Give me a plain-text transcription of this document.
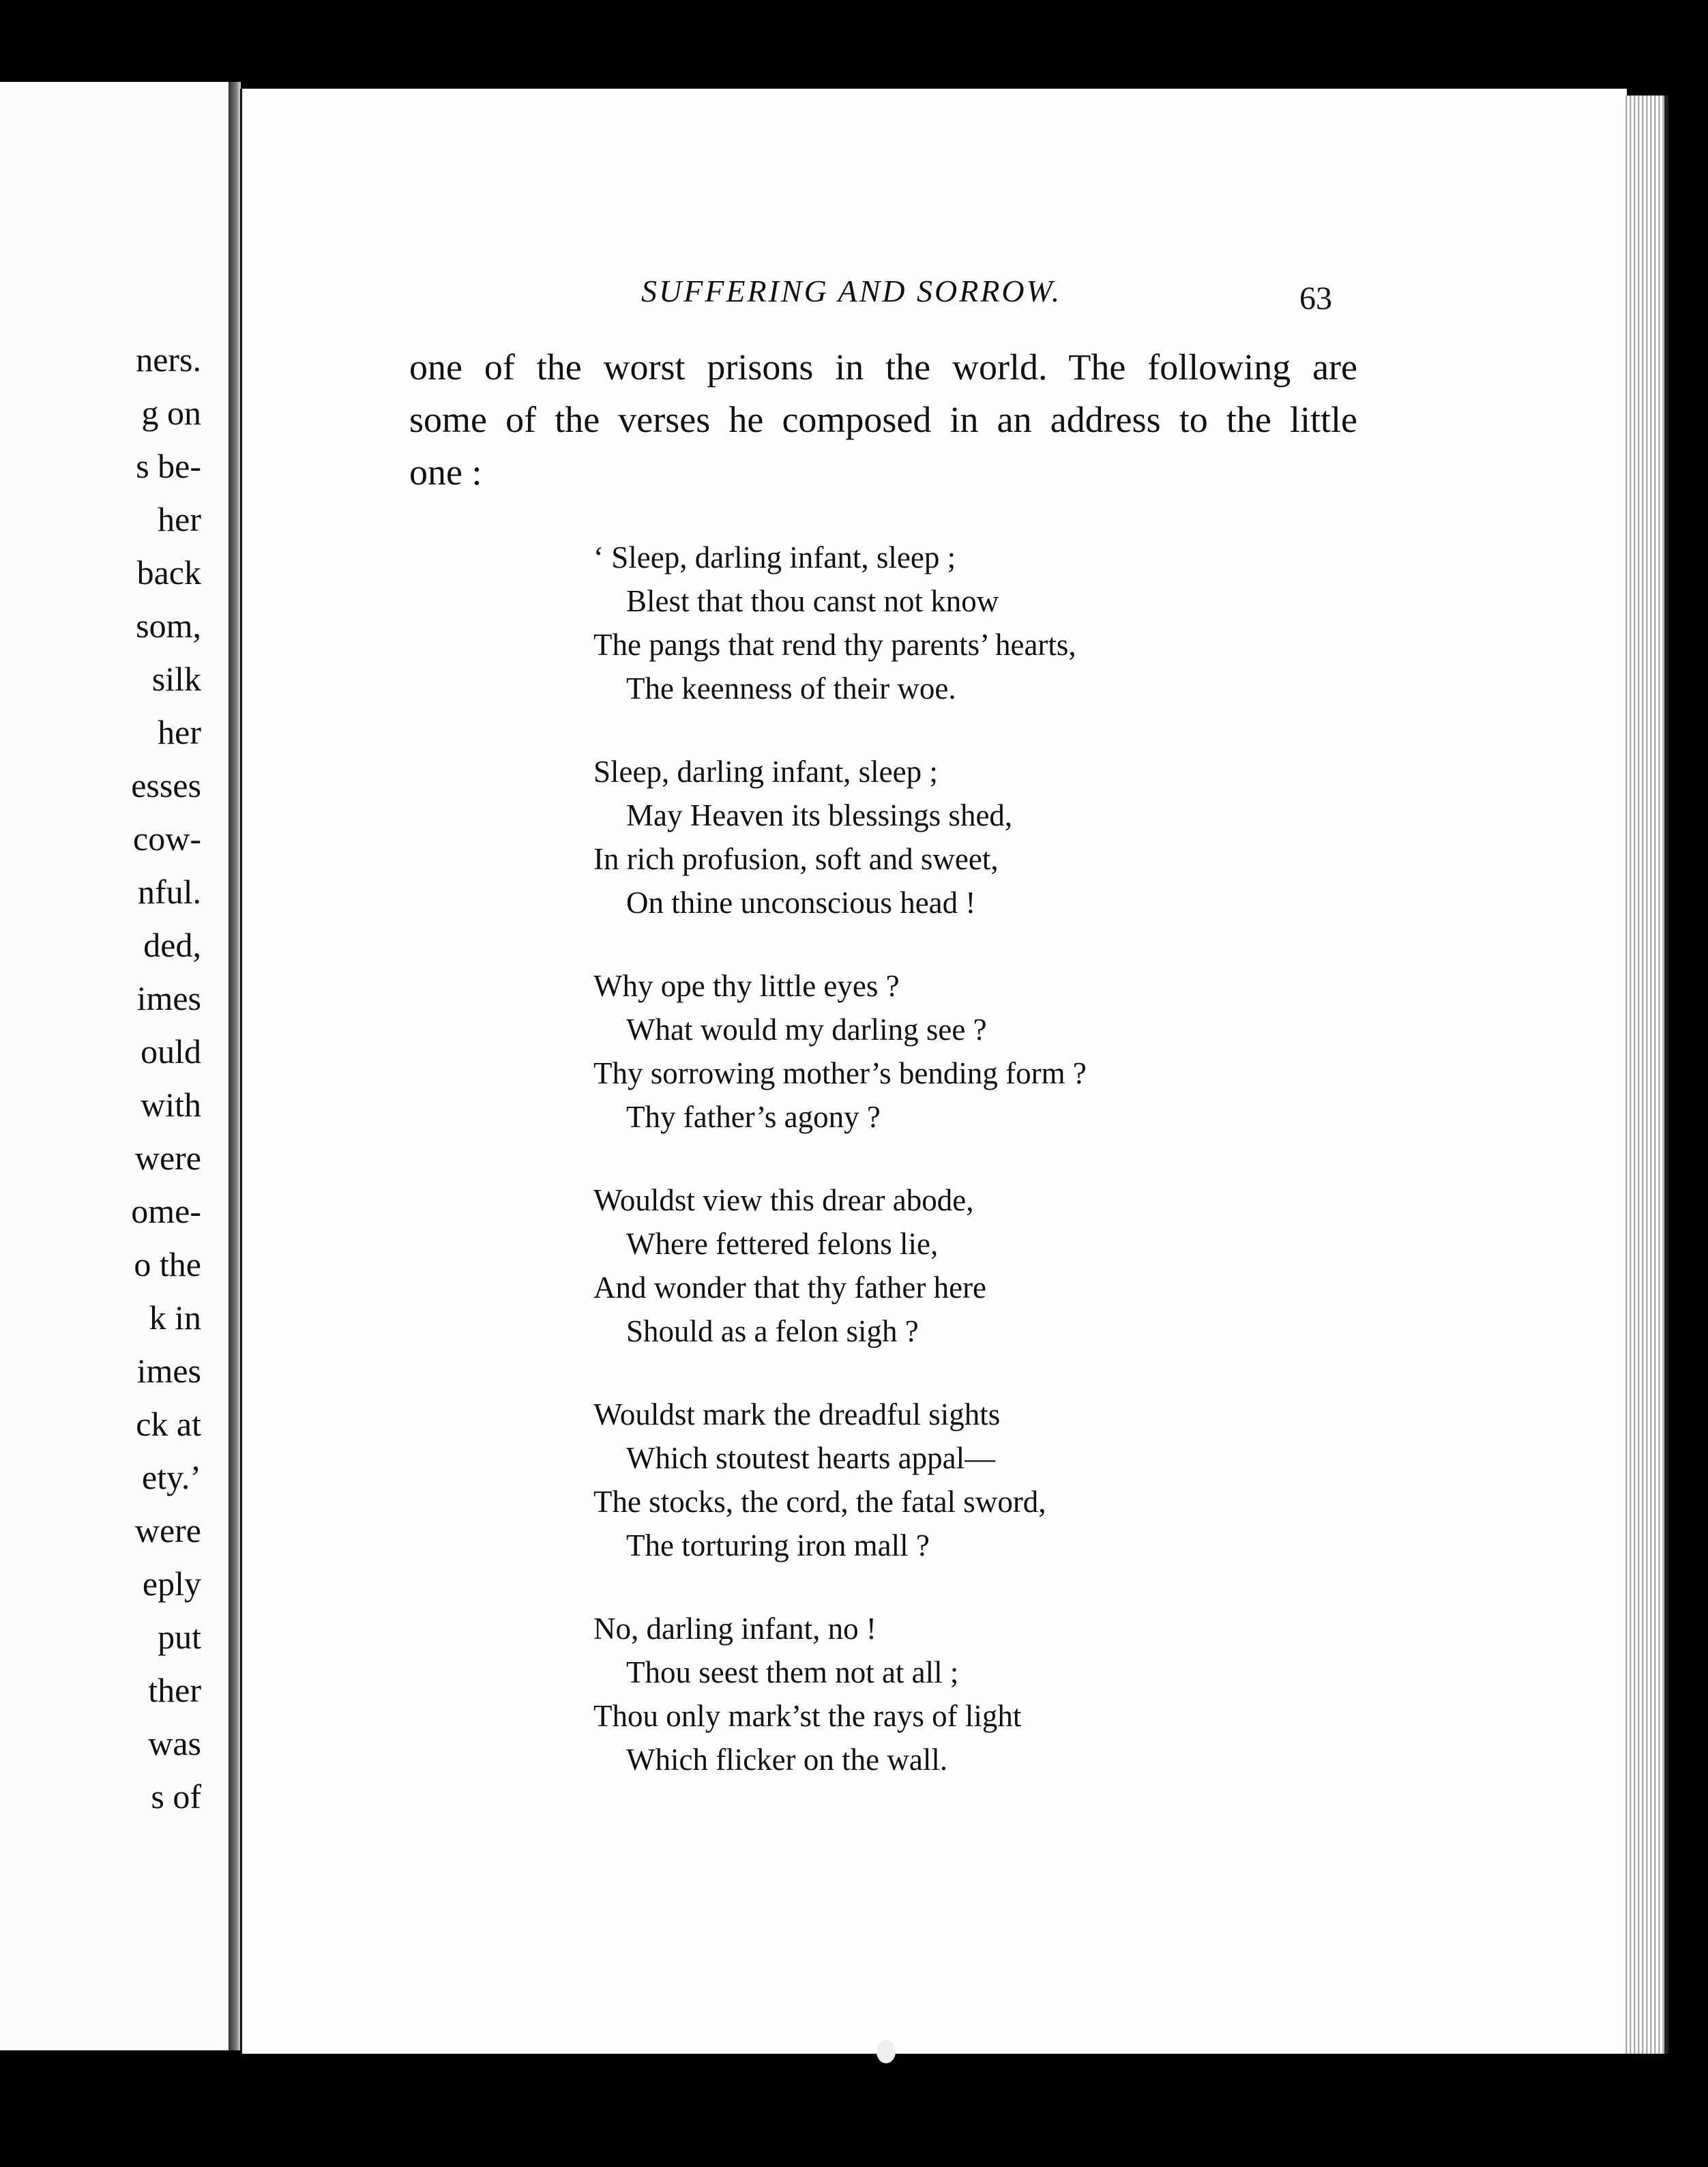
ners.
g on
s be-
her
back
som,
silk
her
esses
cow-
nful.
ded,
imes
ould
with
were
ome-
o the
k in
imes
ck at
ety.’
were
eply
put
ther
was
s of
SUFFERING AND SORROW.	63
one of the worst prisons in the world. The following are
some of the verses he composed in an address to the little
one :
‘ Sleep, darling infant, sleep ;
Blest that thou canst not know
The pangs that rend thy parents’ hearts,
The keenness of their woe.
Sleep, darling infant, sleep ;
May Heaven its blessings shed,
In rich profusion, soft and sweet,
On thine unconscious head !
Why ope thy little eyes ?
What would my darling see ?
Thy sorrowing mother’s bending form ?
Thy father’s agony ?
Wouldst view this drear abode,
Where fettered felons lie,
And wonder that thy father here
Should as a felon sigh ?
Wouldst mark the dreadful sights
Which stoutest hearts appal—
The stocks, the cord, the fatal sword,
The torturing iron mall ?
No, darling infant, no !
Thou seest them not at all ;
Thou only mark’st the rays of light
Which flicker on the wall.
